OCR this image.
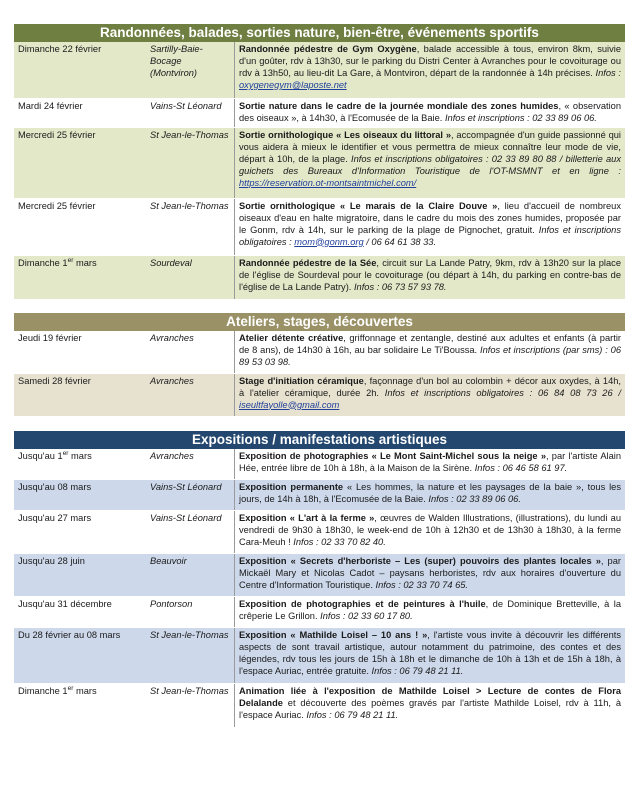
Randonnées, balades, sorties nature, bien-être, événements sportifs
Dimanche 22 février	Sartilly-Baie-Bocage (Montviron)	Randonnée pédestre de Gym Oxygène, balade accessible à tous, environ 8km, suivie d'un goûter, rdv à 13h30, sur le parking du Distri Center à Avranches pour le covoiturage ou rdv à 13h50, au lieu-dit La Gare, à Montviron, départ de la randonnée à 14h précises. Infos : oxygenegym@laposte.net
Mardi 24 février	Vains-St Léonard	Sortie nature dans le cadre de la journée mondiale des zones humides, « observation des oiseaux », à 14h30, à l'Ecomusée de la Baie. Infos et inscriptions : 02 33 89 06 06.
Mercredi 25 février	St Jean-le-Thomas	Sortie ornithologique « Les oiseaux du littoral », accompagnée d'un guide passionné qui vous aidera à mieux le identifier et vous permettra de mieux connaître leur mode de vie, départ à 10h, de la plage. Infos et inscriptions obligatoires : 02 33 89 80 88 / billetterie aux guichets des Bureaux d'Information Touristique de l'OT-MSMNT et en ligne : https://reservation.ot-montsaintmichel.com/
Mercredi 25 février	St Jean-le-Thomas	Sortie ornithologique « Le marais de la Claire Douve », lieu d'accueil de nombreux oiseaux d'eau en halte migratoire, dans le cadre du mois des zones humides, proposée par le Gonm, rdv à 14h, sur le parking de la plage de Pignochet, gratuit. Infos et inscriptions obligatoires : mom@gonm.org / 06 64 61 38 33.
Dimanche 1er mars	Sourdeval	Randonnée pédestre de la Sée, circuit sur La Lande Patry, 9km, rdv à 13h20 sur la place de l'église de Sourdeval pour le covoiturage (ou départ à 14h, du parking en contre-bas de l'église de La Lande Patry). Infos : 06 73 57 93 78.
Ateliers, stages, découvertes
Jeudi 19 février	Avranches	Atelier détente créative, griffonnage et zentangle, destiné aux adultes et enfants (à partir de 8 ans), de 14h30 à 16h, au bar solidaire Le Ti'Boussa. Infos et inscriptions (par sms) : 06 89 53 03 98.
Samedi 28 février	Avranches	Stage d'initiation céramique, façonnage d'un bol au colombin + décor aux oxydes, à 14h, à l'atelier céramique, durée 2h. Infos et inscriptions obligatoires : 06 84 08 73 26 / iseultfayolle@gmail.com
Expositions / manifestations artistiques
Jusqu'au 1er mars	Avranches	Exposition de photographies « Le Mont Saint-Michel sous la neige », par l'artiste Alain Hée, entrée libre de 10h à 18h, à la Maison de la Sirène. Infos : 06 46 58 61 97.
Jusqu'au 08 mars	Vains-St Léonard	Exposition permanente « Les hommes, la nature et les paysages de la baie », tous les jours, de 14h à 18h, à l'Ecomusée de la Baie. Infos : 02 33 89 06 06.
Jusqu'au 27 mars	Vains-St Léonard	Exposition « L'art à la ferme », œuvres de Walden Illustrations, (illustrations), du lundi au vendredi de 9h30 à 18h30, le week-end de 10h à 12h30 et de 13h30 à 18h30, à la ferme Cara-Meuh ! Infos : 02 33 70 82 40.
Jusqu'au 28 juin	Beauvoir	Exposition « Secrets d'herboriste – Les (super) pouvoirs des plantes locales », par Mickaël Mary et Nicolas Cadot – paysans herboristes, rdv aux horaires d'ouverture du Centre d'Information Touristique. Infos : 02 33 70 74 65.
Jusqu'au 31 décembre	Pontorson	Exposition de photographies et de peintures à l'huile, de Dominique Bretteville, à la crêperie Le Grillon. Infos : 02 33 60 17 80.
Du 28 février au 08 mars	St Jean-le-Thomas	Exposition « Mathilde Loisel – 10 ans ! », l'artiste vous invite à découvrir les différents aspects de sont travail artistique, autour notamment du patrimoine, des contes et des légendes, rdv tous les jours de 15h à 18h et le dimanche de 10h à 13h et de 15h à 18h, à l'espace Auriac, entrée gratuite. Infos : 06 79 48 21 11.
Dimanche 1er mars	St Jean-le-Thomas	Animation liée à l'exposition de Mathilde Loisel > Lecture de contes de Flora Delalande et découverte des poèmes gravés par l'artiste Mathilde Loisel, rdv à 11h, à l'espace Auriac. Infos : 06 79 48 21 11.
